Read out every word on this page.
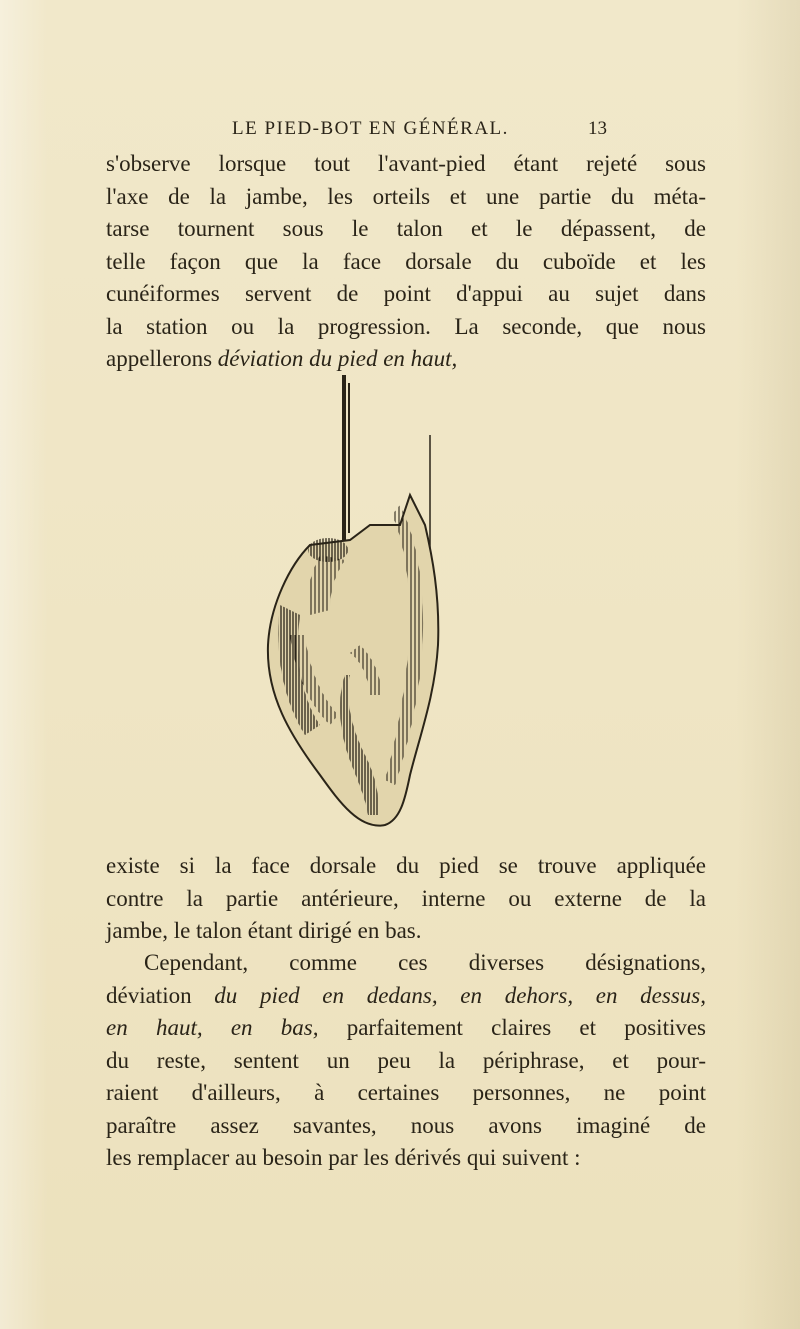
LE PIED-BOT EN GÉNÉRAL.	13
s'observe lorsque tout l'avant-pied étant rejeté sous
l'axe de la jambe, les orteils et une partie du méta-
tarse tournent sous le talon et le dépassent, de
telle façon que la face dorsale du cuboïde et les
cunéiformes servent de point d'appui au sujet dans
la station ou la progression. La seconde, que nous
appellerons déviation du pied en haut,
existe si la face dorsale du pied se trouve appliquée
contre la partie antérieure, interne ou externe de la
jambe, le talon étant dirigé en bas.
Cependant, comme ces diverses désignations,
déviation du pied en dedans, en dehors, en dessus,
en haut, en bas, parfaitement claires et positives
du reste, sentent un peu la périphrase, et pour-
raient d'ailleurs, à certaines personnes, ne point
paraître assez savantes, nous avons imaginé de
les remplacer au besoin par les dérivés qui suivent :
